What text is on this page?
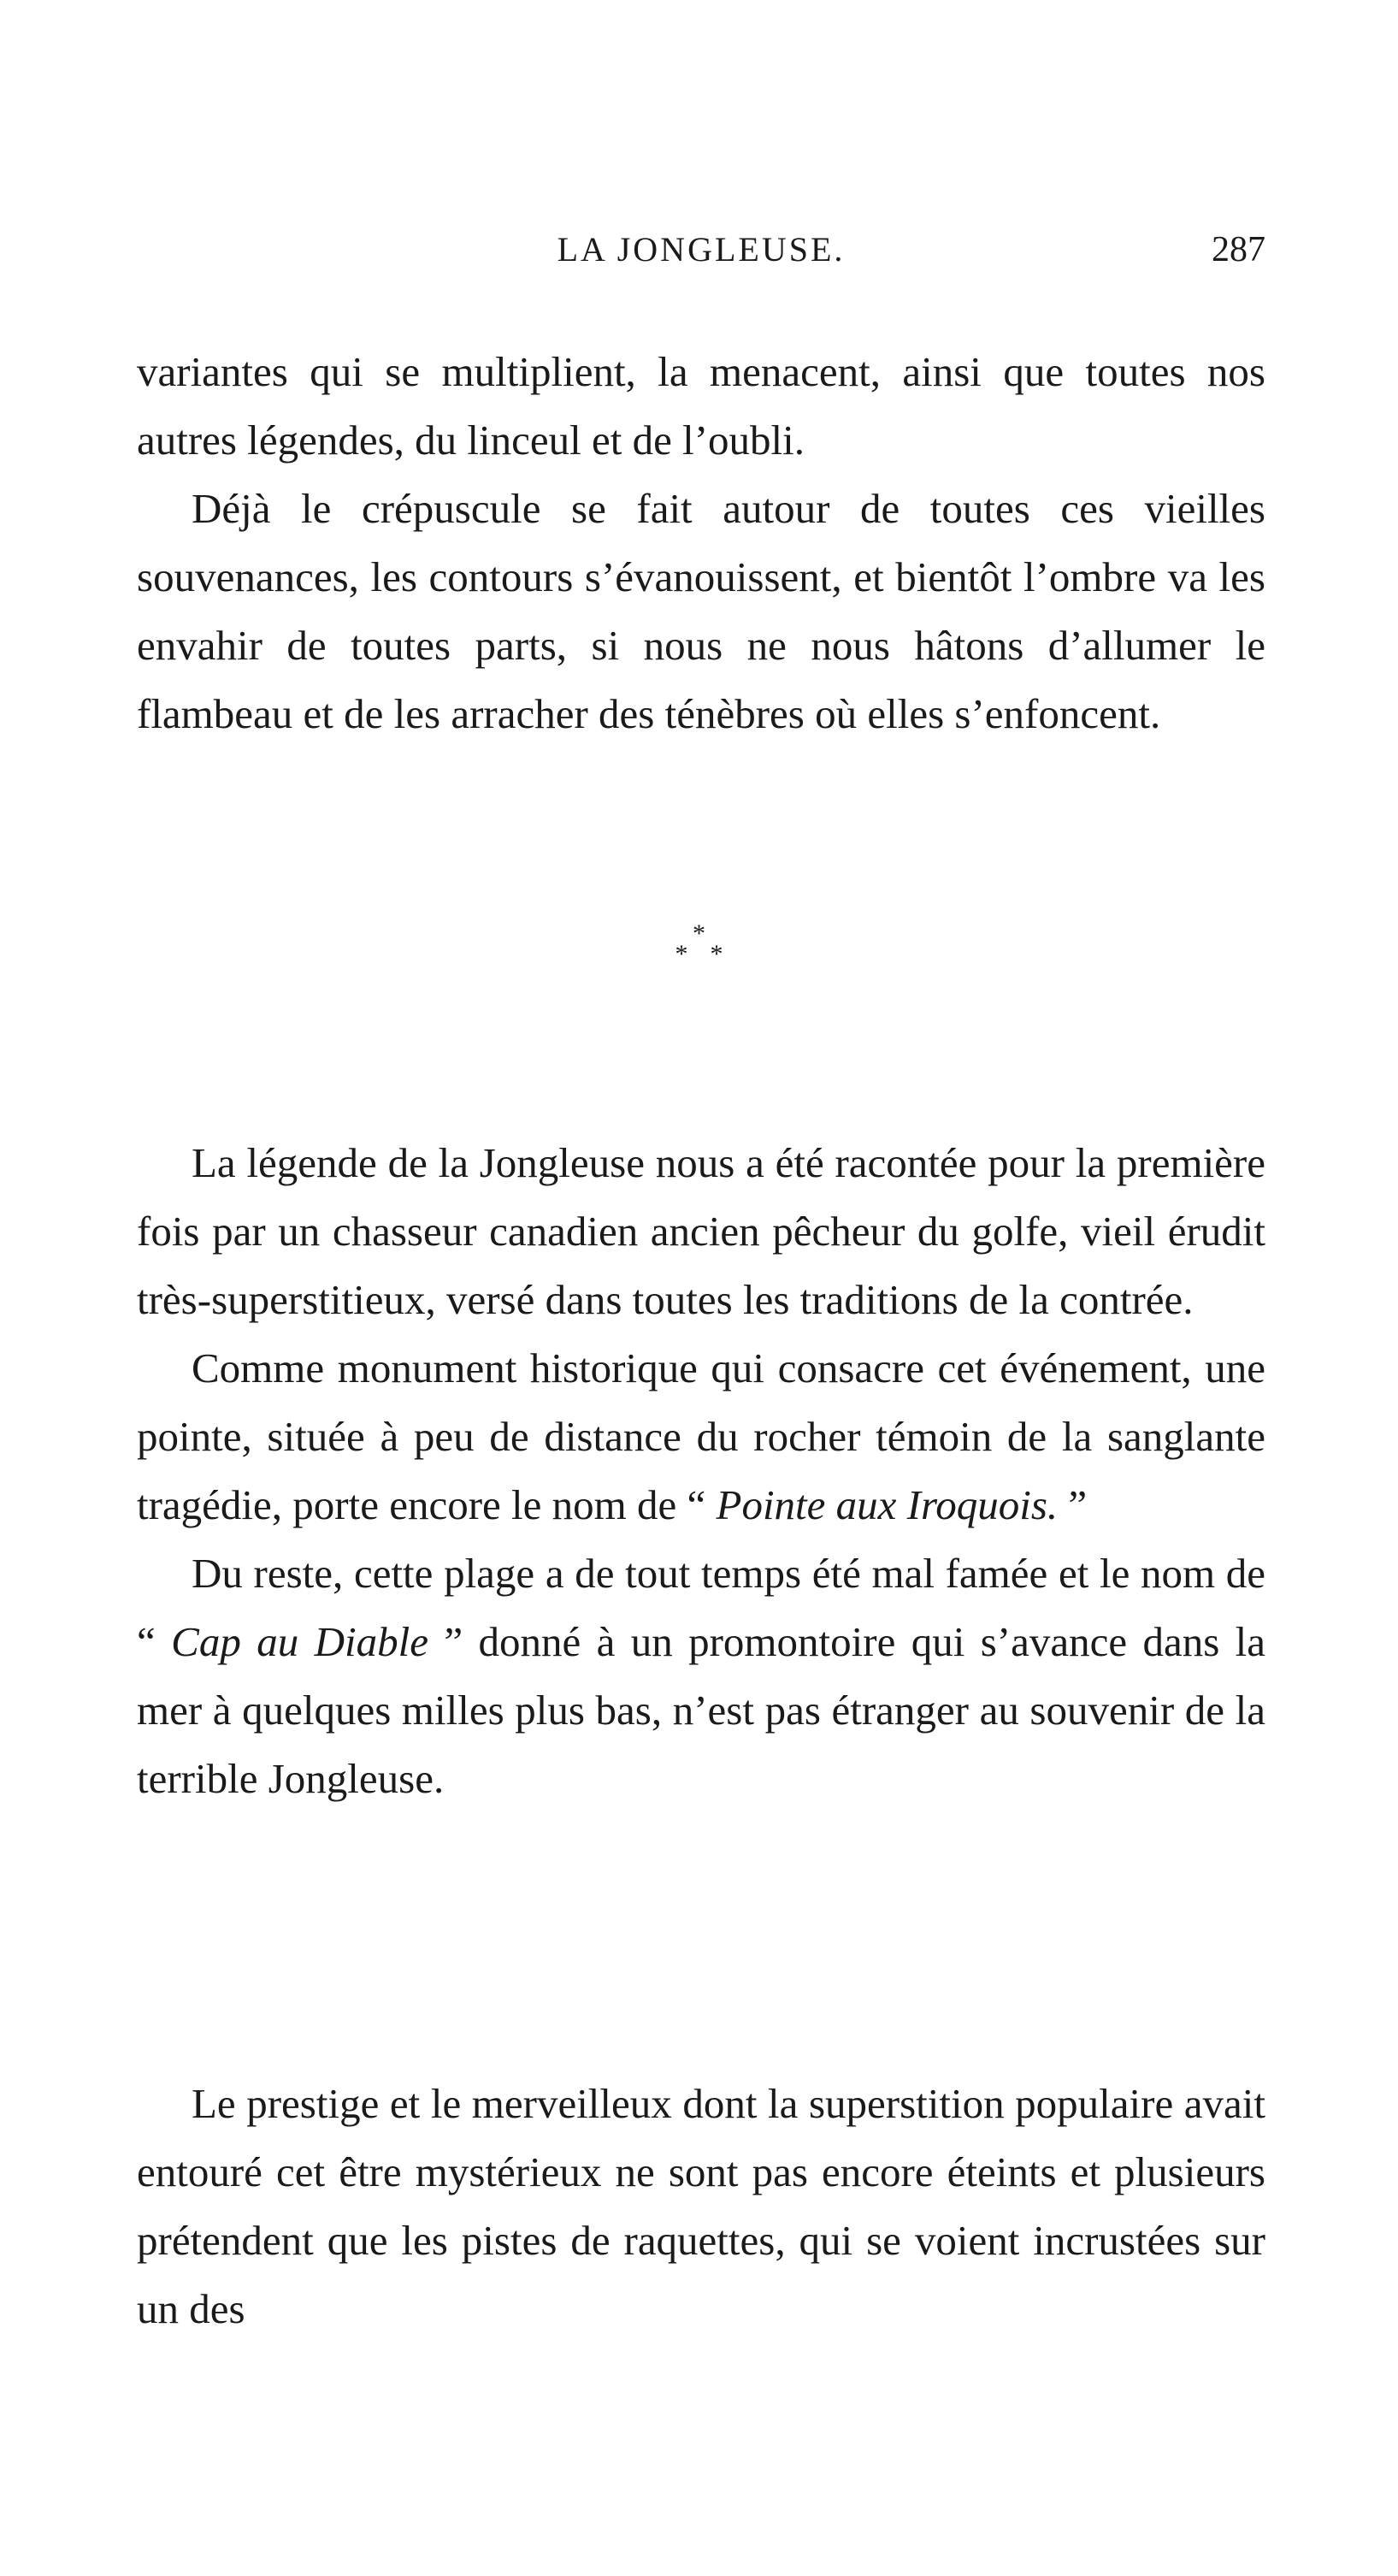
LA JONGLEUSE.	287

variantes qui se multiplient, la menacent, ainsi que toutes nos autres légendes, du linceul et de l’oubli.

Déjà le crépuscule se fait autour de toutes ces vieilles souvenances, les contours s’évanouissent, et bientôt l’ombre va les envahir de toutes parts, si nous ne nous hâtons d’allumer le flambeau et de les arracher des ténèbres où elles s’enfoncent.

*
* *

La légende de la Jongleuse nous a été racontée pour la première fois par un chasseur canadien ancien pêcheur du golfe, vieil érudit très-superstitieux, versé dans toutes les traditions de la contrée.

Comme monument historique qui consacre cet événement, une pointe, située à peu de distance du rocher témoin de la sanglante tragédie, porte encore le nom de “ Pointe aux Iroquois. ”

Du reste, cette plage a de tout temps été mal famée et le nom de “ Cap au Diable ” donné à un promontoire qui s’avance dans la mer à quelques milles plus bas, n’est pas étranger au souvenir de la terrible Jongleuse.

Le prestige et le merveilleux dont la superstition populaire avait entouré cet être mystérieux ne sont pas encore éteints et plusieurs prétendent que les pistes de raquettes, qui se voient incrustées sur un des
